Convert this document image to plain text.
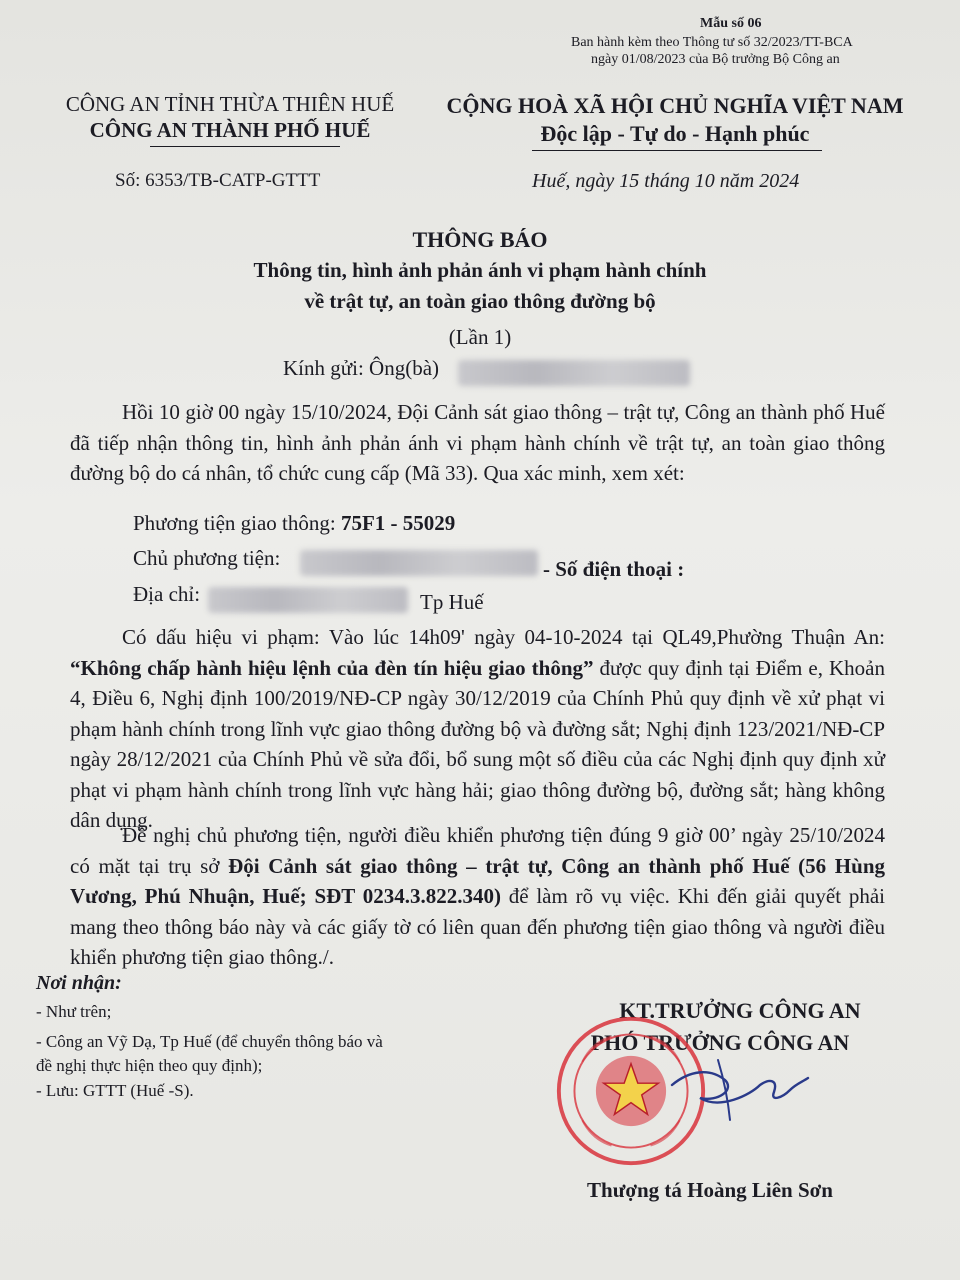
Mẫu số 06
Ban hành kèm theo Thông tư số 32/2023/TT-BCA
ngày 01/08/2023 của Bộ trưởng Bộ Công an
CÔNG AN TỈNH THỪA THIÊN HUẾ
CÔNG AN THÀNH PHỐ HUẾ
Số: 6353/TB-CATP-GTTT
CỘNG HOÀ XÃ HỘI CHỦ NGHĨA VIỆT NAM
Độc lập - Tự do - Hạnh phúc
Huế, ngày 15 tháng 10 năm 2024
THÔNG BÁO
Thông tin, hình ảnh phản ánh vi phạm hành chính
về trật tự, an toàn giao thông đường bộ
(Lần 1)
Kính gửi: Ông(bà)

Hồi 10 giờ 00 ngày 15/10/2024, Đội Cảnh sát giao thông – trật tự, Công an thành phố Huế đã tiếp nhận thông tin, hình ảnh phản ánh vi phạm hành chính về trật tự, an toàn giao thông đường bộ do cá nhân, tổ chức cung cấp (Mã 33). Qua xác minh, xem xét:

Phương tiện giao thông: 75F1 - 55029
Chủ phương tiện:	- Số điện thoại :
Địa chỉ:	Tp Huế

Có dấu hiệu vi phạm: Vào lúc 14h09' ngày 04-10-2024 tại QL49,Phường Thuận An: “Không chấp hành hiệu lệnh của đèn tín hiệu giao thông” được quy định tại Điểm e, Khoản 4, Điều 6, Nghị định 100/2019/NĐ-CP ngày 30/12/2019 của Chính Phủ quy định về xử phạt vi phạm hành chính trong lĩnh vực giao thông đường bộ và đường sắt; Nghị định 123/2021/NĐ-CP ngày 28/12/2021 của Chính Phủ về sửa đổi, bổ sung một số điều của các Nghị định quy định xử phạt vi phạm hành chính trong lĩnh vực hàng hải; giao thông đường bộ, đường sắt; hàng không dân dụng.

Đề nghị chủ phương tiện, người điều khiển phương tiện đúng 9 giờ 00’ ngày 25/10/2024 có mặt tại trụ sở Đội Cảnh sát giao thông – trật tự, Công an thành phố Huế (56 Hùng Vương, Phú Nhuận, Huế; SĐT 0234.3.822.340) để làm rõ vụ việc. Khi đến giải quyết phải mang theo thông báo này và các giấy tờ có liên quan đến phương tiện giao thông và người điều khiển phương tiện giao thông./.

Nơi nhận:
- Như trên;
- Công an Vỹ Dạ, Tp Huế (để chuyển thông báo và
đề nghị thực hiện theo quy định);
- Lưu: GTTT (Huế -S).
KT.TRƯỞNG CÔNG AN
PHÓ TRƯỞNG CÔNG AN
Thượng tá Hoàng Liên Sơn
